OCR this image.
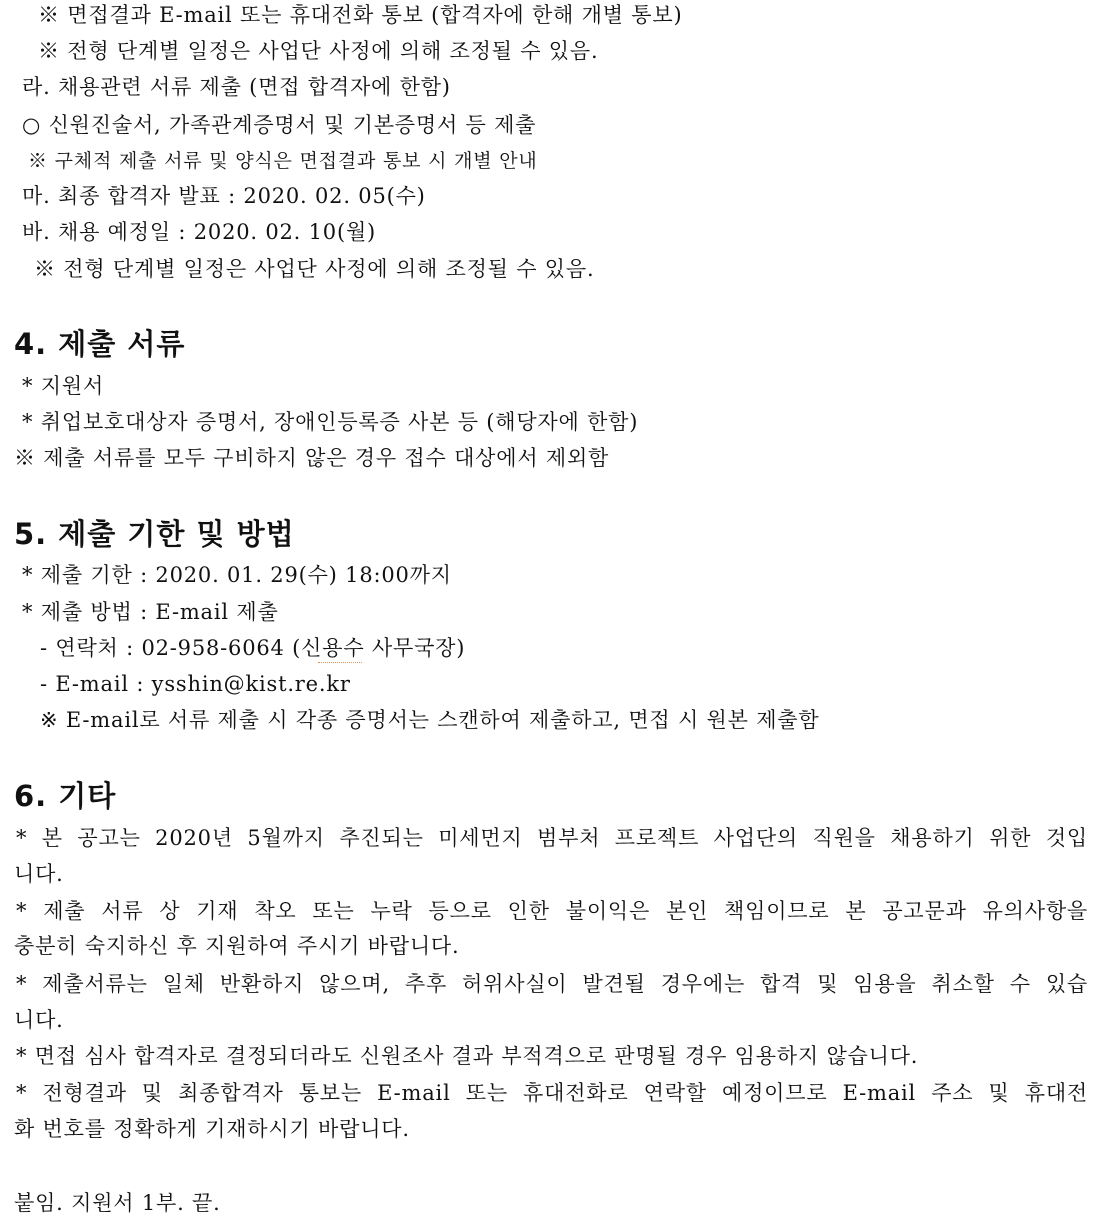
※ 면접결과 E-mail 또는 휴대전화 통보 (합격자에 한해 개별 통보)
※ 전형 단계별 일정은 사업단 사정에 의해 조정될 수 있음.
라. 채용관련 서류 제출 (면접 합격자에 한함)
○ 신원진술서, 가족관계증명서 및 기본증명서 등 제출
※ 구체적 제출 서류 및 양식은 면접결과 통보 시 개별 안내
마. 최종 합격자 발표 : 2020. 02. 05(수)
바. 채용 예정일 : 2020. 02. 10(월)
※ 전형 단계별 일정은 사업단 사정에 의해 조정될 수 있음.
4. 제출 서류
* 지원서
* 취업보호대상자 증명서, 장애인등록증 사본 등 (해당자에 한함)
※ 제출 서류를 모두 구비하지 않은 경우 접수 대상에서 제외함
5. 제출 기한 및 방법
* 제출 기한 : 2020. 01. 29(수) 18:00까지
* 제출 방법 : E-mail 제출
- 연락처 : 02-958-6064 (신용수 사무국장)
- E-mail : ysshin@kist.re.kr
※ E-mail로 서류 제출 시 각종 증명서는 스캔하여 제출하고, 면접 시 원본 제출함
6. 기타
* 본 공고는 2020년 5월까지 추진되는 미세먼지 범부처 프로젝트 사업단의 직원을 채용하기 위한 것입
니다.
* 제출 서류 상 기재 착오 또는 누락 등으로 인한 불이익은 본인 책임이므로 본 공고문과 유의사항을
충분히 숙지하신 후 지원하여 주시기 바랍니다.
* 제출서류는 일체 반환하지 않으며, 추후 허위사실이 발견될 경우에는 합격 및 임용을 취소할 수 있습
니다.
* 면접 심사 합격자로 결정되더라도 신원조사 결과 부적격으로 판명될 경우 임용하지 않습니다.
* 전형결과 및 최종합격자 통보는 E-mail 또는 휴대전화로 연락할 예정이므로 E-mail 주소 및 휴대전
화 번호를 정확하게 기재하시기 바랍니다.
붙임. 지원서 1부. 끝.
